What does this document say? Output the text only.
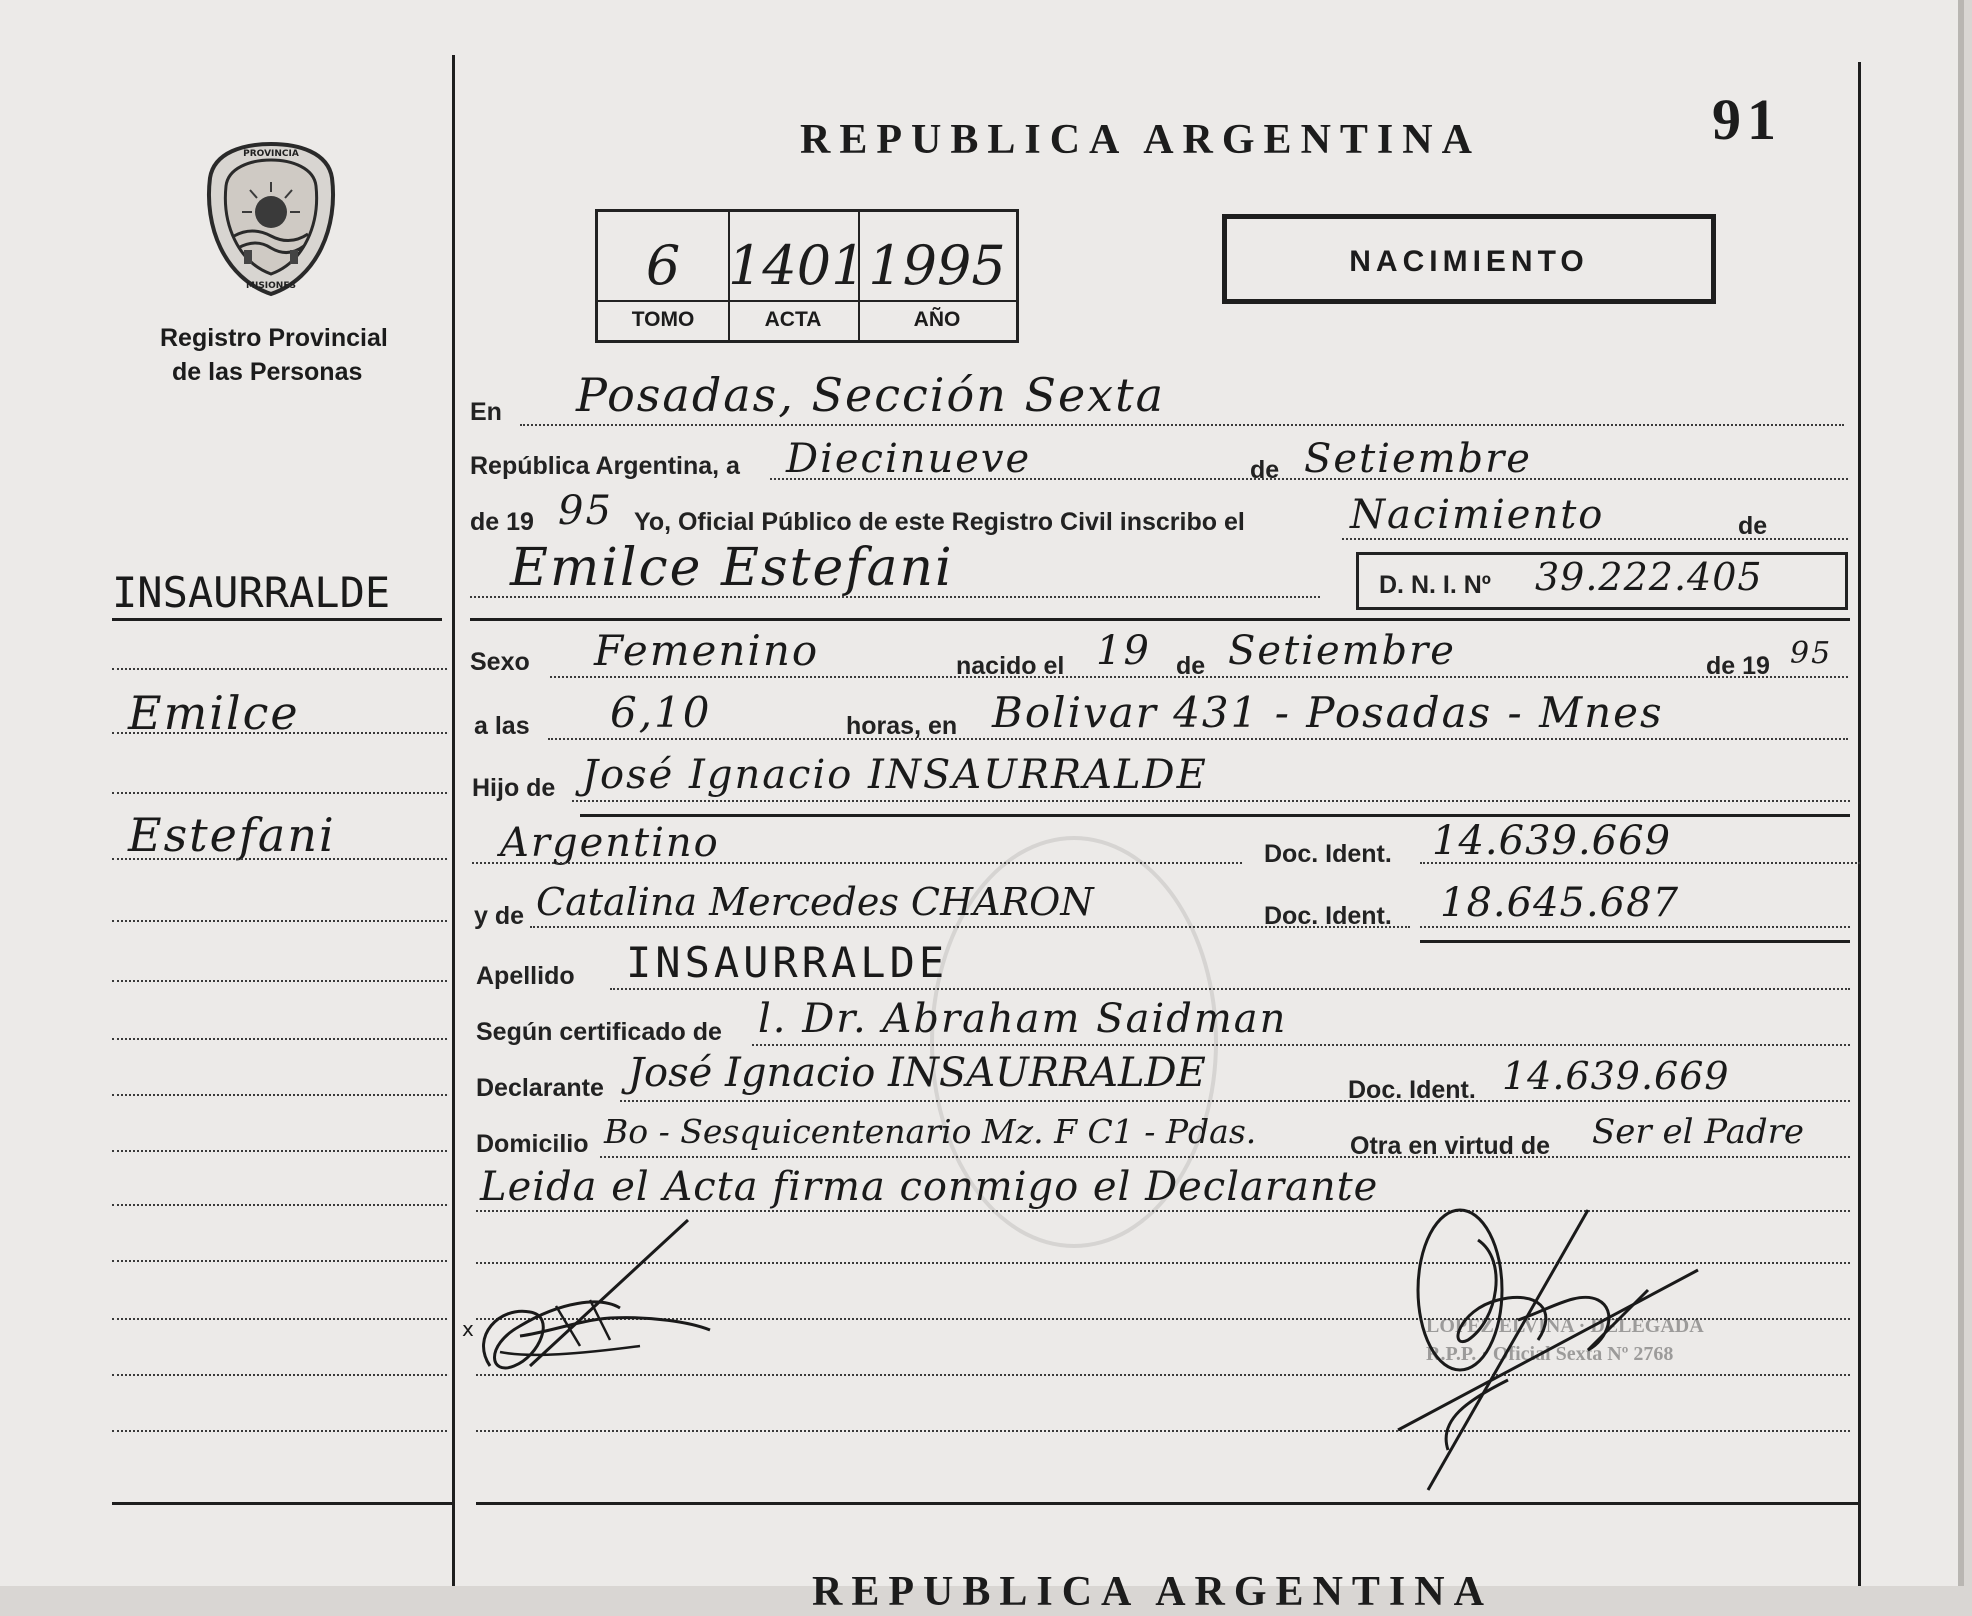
91
REPUBLICA ARGENTINA
PROVINCIA
MISIONES
Registro Provincial
de las Personas
6
TOMO
1401
ACTA
1995
AÑO
NACIMIENTO
INSAURRALDE
Emilce
Estefani
En Posadas, Sección Sexta
República Argentina, a Diecinueve	de Setiembre
de 19 95 Yo, Oficial Público de este Registro Civil inscribo el	Nacimiento	de
Emilce Estefani	D. N. I. Nº 39.222.405
Sexo Femenino	nacido el 19 de Setiembre	de 19 95
a las 6,10	horas, en Bolivar 431 - Posadas - Mnes
Hijo de José Ignacio INSAURRALDE
Argentino	Doc. Ident. 14.639.669
y de Catalina Mercedes CHARON	Doc. Ident. 18.645.687
Apellido INSAURRALDE
Según certificado de l. Dr. Abraham Saidman
Declarante José Ignacio INSAURRALDE	Doc. Ident. 14.639.669
Domicilio Bo - Sesquicentenario Mz. F C1 - Pdas.	Otra en virtud de Ser el Padre
Leida el Acta firma conmigo el Declarante
x	LOPEZ ELVINA · DELEGADA R.P.P. · Oficial Sexta Nº 2768
REPUBLICA ARGENTINA
